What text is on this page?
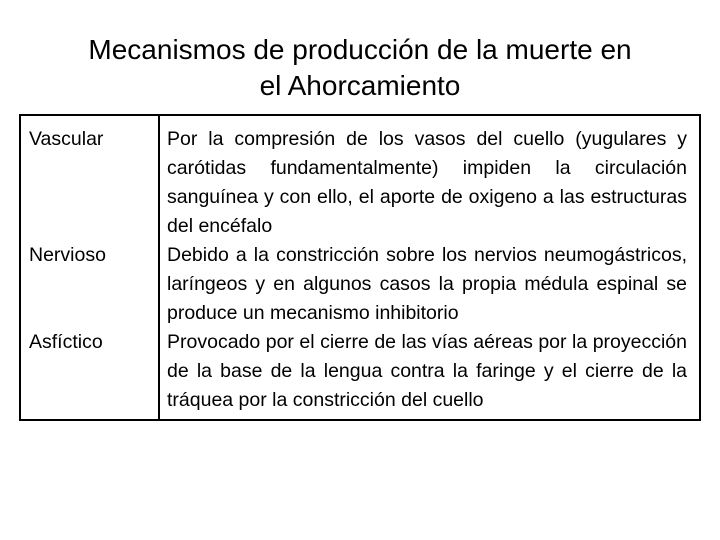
Mecanismos de producción de la muerte en
el Ahorcamiento
Vascular	Por la compresión de los vasos del cuello (yugulares y carótidas fundamentalmente) impiden la circulación sanguínea y con ello, el aporte de oxigeno a las estructuras del encéfalo
Nervioso	Debido a la constricción sobre los nervios neumogástricos, laríngeos y en algunos casos la propia médula espinal se produce un mecanismo inhibitorio
Asfíctico	Provocado por el cierre de las vías aéreas por la proyección de la base de la lengua contra la faringe y el cierre de la tráquea por la constricción del cuello
